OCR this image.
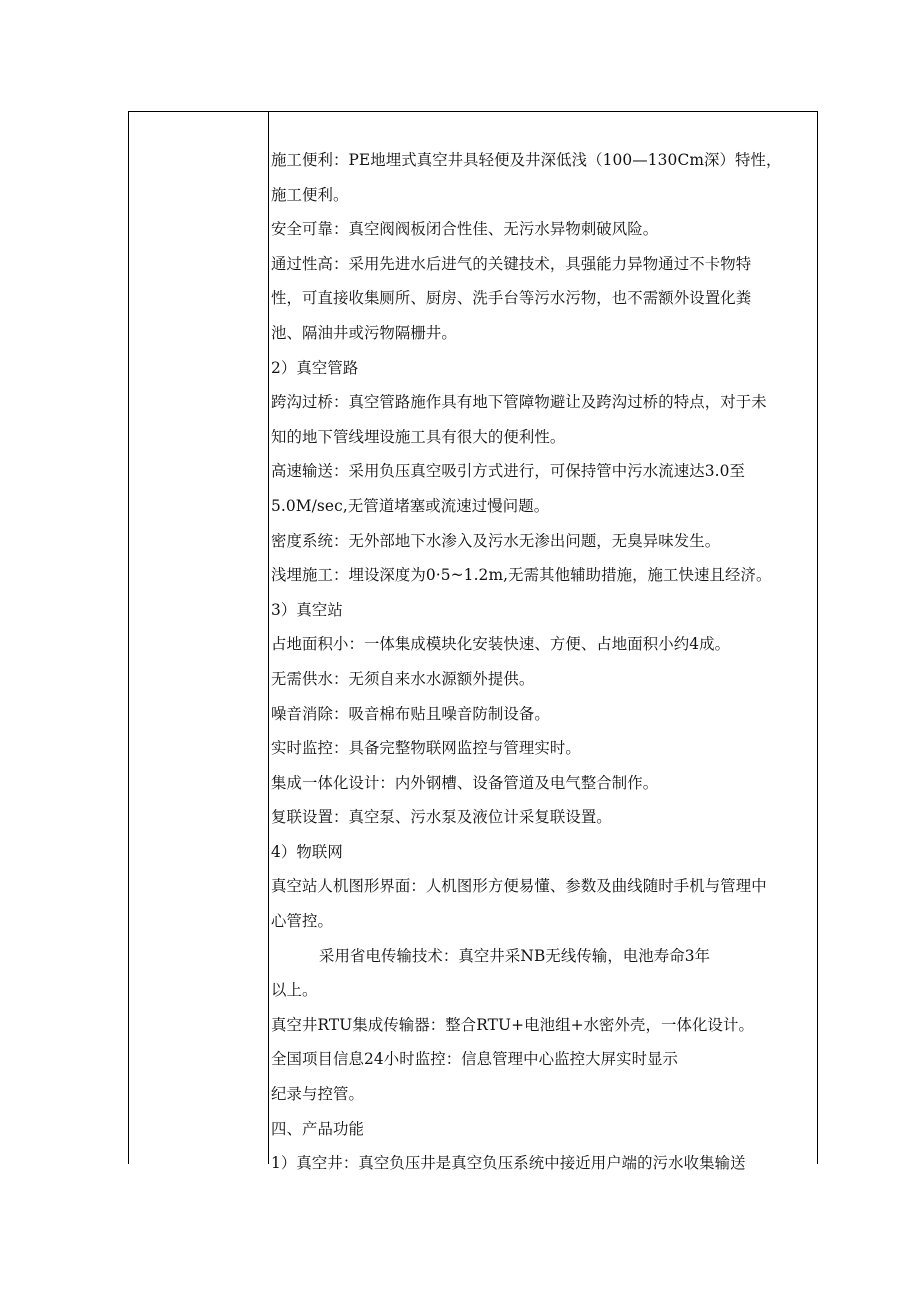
施工便利：PE地埋式真空井具轻便及井深低浅（100—130Cm深）特性，
施工便利。
安全可靠：真空阀阀板闭合性佳、无污水异物刺破风险。
通过性高：采用先进水后进气的关键技术，具强能力异物通过不卡物特
性，可直接收集厕所、厨房、洗手台等污水污物，也不需额外设置化粪
池、隔油井或污物隔栅井。
2）真空管路
跨沟过桥：真空管路施作具有地下管障物避让及跨沟过桥的特点，对于未
知的地下管线埋设施工具有很大的便利性。
高速输送：采用负压真空吸引方式进行，可保持管中污水流速达3.0至
5.0M/sec,无管道堵塞或流速过慢问题。
密度系统：无外部地下水渗入及污水无渗出问题，无臭异味发生。
浅埋施工：埋设深度为0·5~1.2m,无需其他辅助措施，施工快速且经济。
3）真空站
占地面积小：一体集成模块化安装快速、方便、占地面积小约4成。
无需供水：无须自来水水源额外提供。
噪音消除：吸音棉布贴且噪音防制设备。
实时监控：具备完整物联网监控与管理实时。
集成一体化设计：内外钢槽、设备管道及电气整合制作。
复联设置：真空泵、污水泵及液位计采复联设置。
4）物联网
真空站人机图形界面：人机图形方便易懂、参数及曲线随时手机与管理中
心管控。
采用省电传输技术：真空井采NB无线传输，电池寿命3年
以上。
真空井RTU集成传输器：整合RTU+电池组+水密外壳，一体化设计。
全国项目信息24小时监控：信息管理中心监控大屏实时显示
纪录与控管。
四、产品功能
1）真空井：真空负压井是真空负压系统中接近用户端的污水收集输送
